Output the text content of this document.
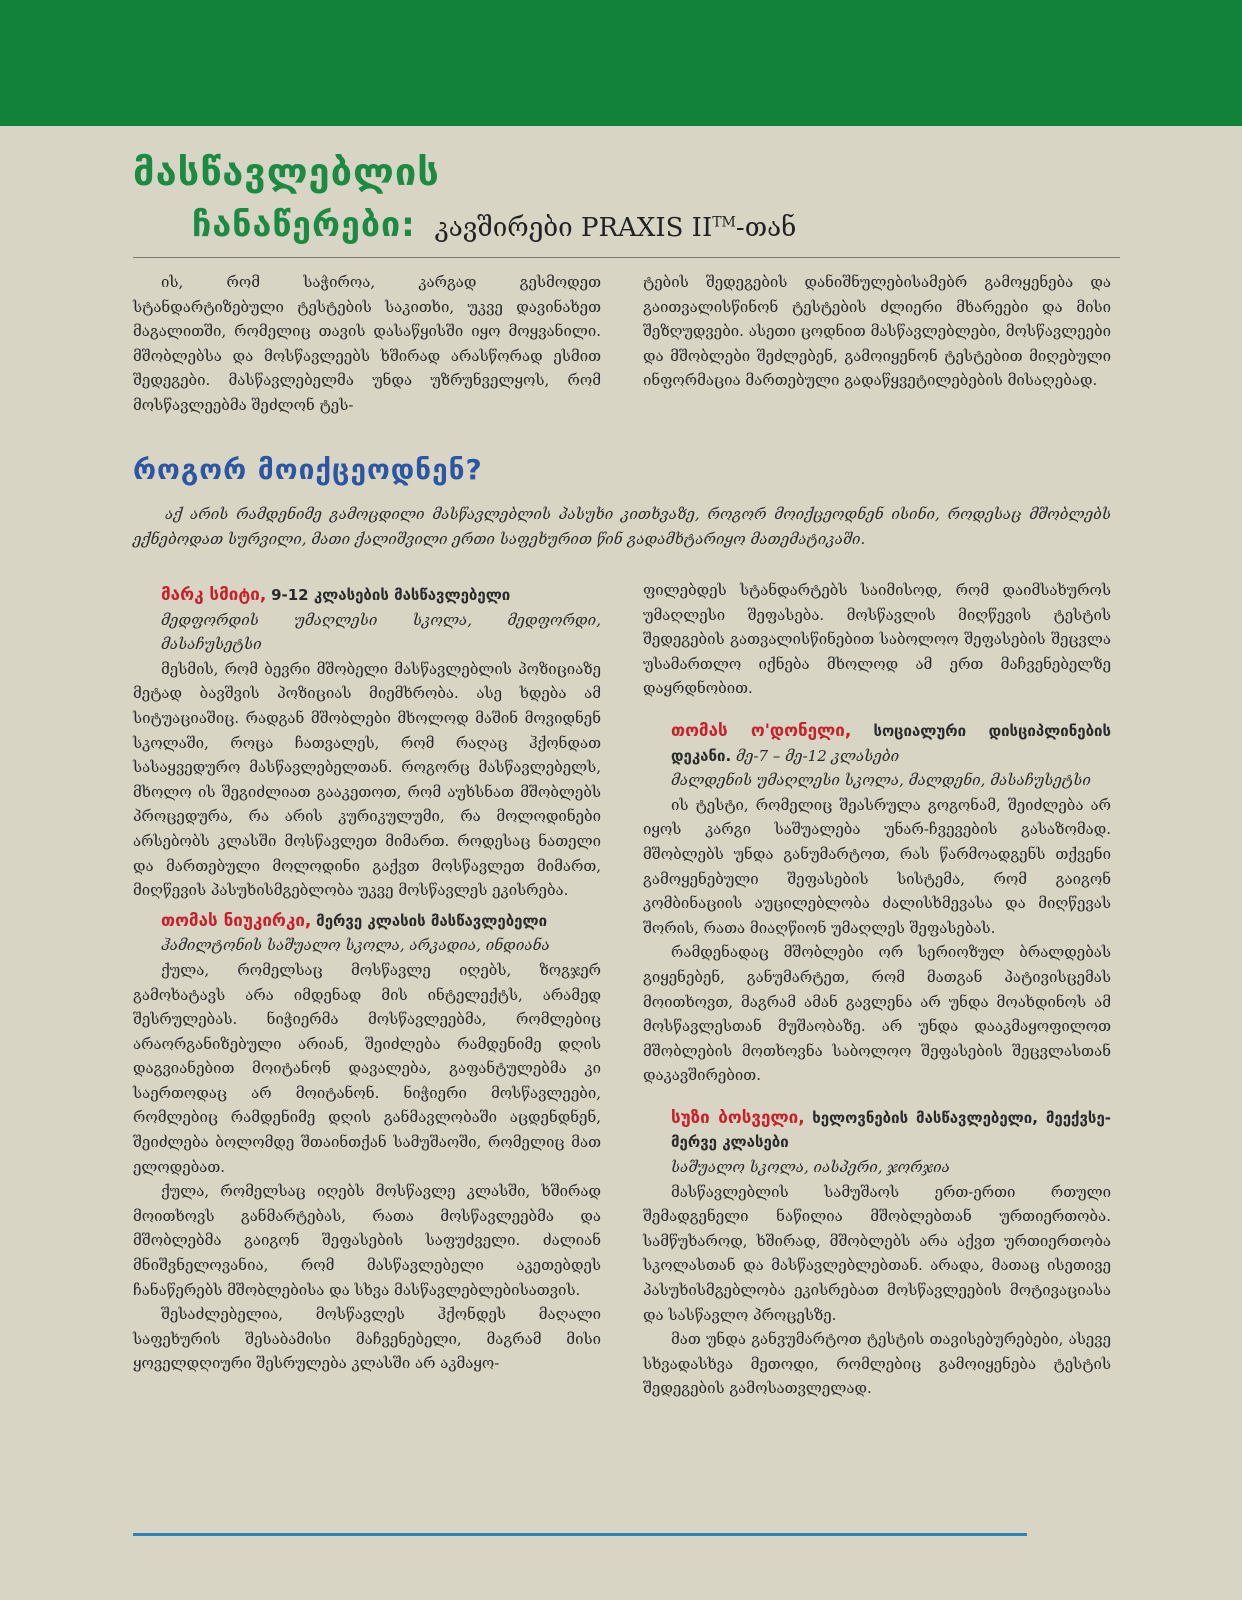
მასწავლებლის
ჩანაწერები: კავშირები PRAXIS II™-თან

ის, რომ საჭიროა, კარგად გესმოდეთ სტანდარტიზებული ტესტების საკითხი, უკვე დავინახეთ მაგალითში, რომელიც თავის დასაწყისში იყო მოყვანილი. მშობლებსა და მოსწავლეებს ხშირად არასწორად ესმით შედეგები. მასწავლებელმა უნდა უზრუნველყოს, რომ მოსწავლეებმა შეძლონ ტეს-

ტების შედეგების დანიშნულებისამებრ გამოყენება და გაითვალისწინონ ტესტების ძლიერი მხარეები და მისი შეზღუდვები. ასეთი ცოდნით მასწავლებლები, მოსწავლეები და მშობლები შეძლებენ, გამოიყენონ ტესტებით მიღებული ინფორმაცია მართებული გადაწყვეტილებების მისაღებად.

როგორ მოიქცეოდნენ?
აქ არის რამდენიმე გამოცდილი მასწავლებლის პასუხი კითხვაზე, როგორ მოიქცეოდნენ ისინი, როდესაც მშობლებს ექნებოდათ სურვილი, მათი ქალიშვილი ერთი საფეხურით წინ გადამხტარიყო მათემატიკაში.
მარკ სმიტი, 9-12 კლასების მასწავლებელი
მედფორდის უმაღლესი სკოლა, მედფორდი, მასაჩუსეტსი

მესმის, რომ ბევრი მშობელი მასწავლებლის პოზიციაზე მეტად ბავშვის პოზიციას მიემხრობა. ასე ხდება ამ სიტუაციაშიც. რადგან მშობლები მხოლოდ მაშინ მოვიდნენ სკოლაში, როცა ჩათვალეს, რომ რაღაც ჰქონდათ სასაყვედურო მასწავლებელთან. როგორც მასწავლებელს, მხოლო ის შეგიძლიათ გააკეთოთ, რომ აუხსნათ მშობლებს პროცედურა, რა არის კურიკულუმი, რა მოლოდინები არსებობს კლასში მოსწავლეთ მიმართ. როდესაც ნათელი და მართებული მოლოდინი გაქვთ მოსწავლეთ მიმართ, მიღწევის პასუხისმგებლობა უკვე მოსწავლეს ეკისრება.

თომას ნიუკირკი, მერვე კლასის მასწავლებელი
ჰამილტონის საშუალო სკოლა, არკადია, ინდიანა

ქულა, რომელსაც მოსწავლე იღებს, ზოგჯერ გამოხატავს არა იმდენად მის ინტელექტს, არამედ შესრულებას. ნიჭიერმა მოსწავლეებმა, რომლებიც არაორგანიზებული არიან, შეიძლება რამდენიმე დღის დაგვიანებით მოიტანონ დავალება, გაფანტულებმა კი საერთოდაც არ მოიტანონ. ნიჭიერი მოსწავლეები, რომლებიც რამდენიმე დღის განმავლობაში აცდენდნენ, შეიძლება ბოლომდე შთაინთქან სამუშაოში, რომელიც მათ ელოდებათ.

ქულა, რომელსაც იღებს მოსწავლე კლასში, ხშირად მოითხოვს განმარტებას, რათა მოსწავლეებმა და მშობლებმა გაიგონ შეფასების საფუძველი. ძალიან მნიშვნელოვანია, რომ მასწავლებელი აკეთებდეს ჩანაწერებს მშობლებისა და სხვა მასწავლებლებისათვის.

შესაძლებელია, მოსწავლეს ჰქონდეს მაღალი საფეხურის შესაბამისი მაჩვენებელი, მაგრამ მისი ყოველდღიური შესრულება კლასში არ აკმაყო-

ფილებდეს სტანდარტებს საიმისოდ, რომ დაიმსახუროს უმაღლესი შეფასება. მოსწავლის მიღწევის ტესტის შედეგების გათვალისწინებით საბოლოო შეფასების შეცვლა უსამართლო იქნება მხოლოდ ამ ერთ მაჩვენებელზე დაყრდნობით.

თომას ო'დონელი, სოციალური დისციპლინების დეკანი. მე-7 – მე-12 კლასები
მალდენის უმაღლესი სკოლა, მალდენი, მასაჩუსეტსი

ის ტესტი, რომელიც შეასრულა გოგონამ, შეიძლება არ იყოს კარგი საშუალება უნარ-ჩვევების გასაზომად. მშობლებს უნდა განუმარტოთ, რას წარმოადგენს თქვენი გამოყენებული შეფასების სისტემა, რომ გაიგონ კომბინაციის აუცილებლობა ძალისხმევასა და მიღწევას შორის, რათა მიაღწიონ უმაღლეს შეფასებას.

რამდენადაც მშობლები ორ სერიოზულ ბრალდებას გიყენებენ, განუმარტეთ, რომ მათგან პატივისცემას მოითხოვთ, მაგრამ ამან გავლენა არ უნდა მოახდინოს ამ მოსწავლესთან მუშაობაზე. არ უნდა დააკმაყოფილოთ მშობლების მოთხოვნა საბოლოო შეფასების შეცვლასთან დაკავშირებით.

სუზი ბოსველი, ხელოვნების მასწავლებელი, მეექვსე-მერვე კლასები
საშუალო სკოლა, იასპერი, ჯორჯია

მასწავლებლის სამუშაოს ერთ-ერთი რთული შემადგენელი ნაწილია მშობლებთან ურთიერთობა. სამწუხაროდ, ხშირად, მშობლებს არა აქვთ ურთიერთობა სკოლასთან და მასწავლებლებთან. არადა, მათაც ისეთივე პასუხისმგებლობა ეკისრებათ მოსწავლეების მოტივაციასა და სასწავლო პროცესზე.

მათ უნდა განვუმარტოთ ტესტის თავისებურებები, ასევე სხვადასხვა მეთოდი, რომლებიც გამოიყენება ტესტის შედეგების გამოსათვლელად.
